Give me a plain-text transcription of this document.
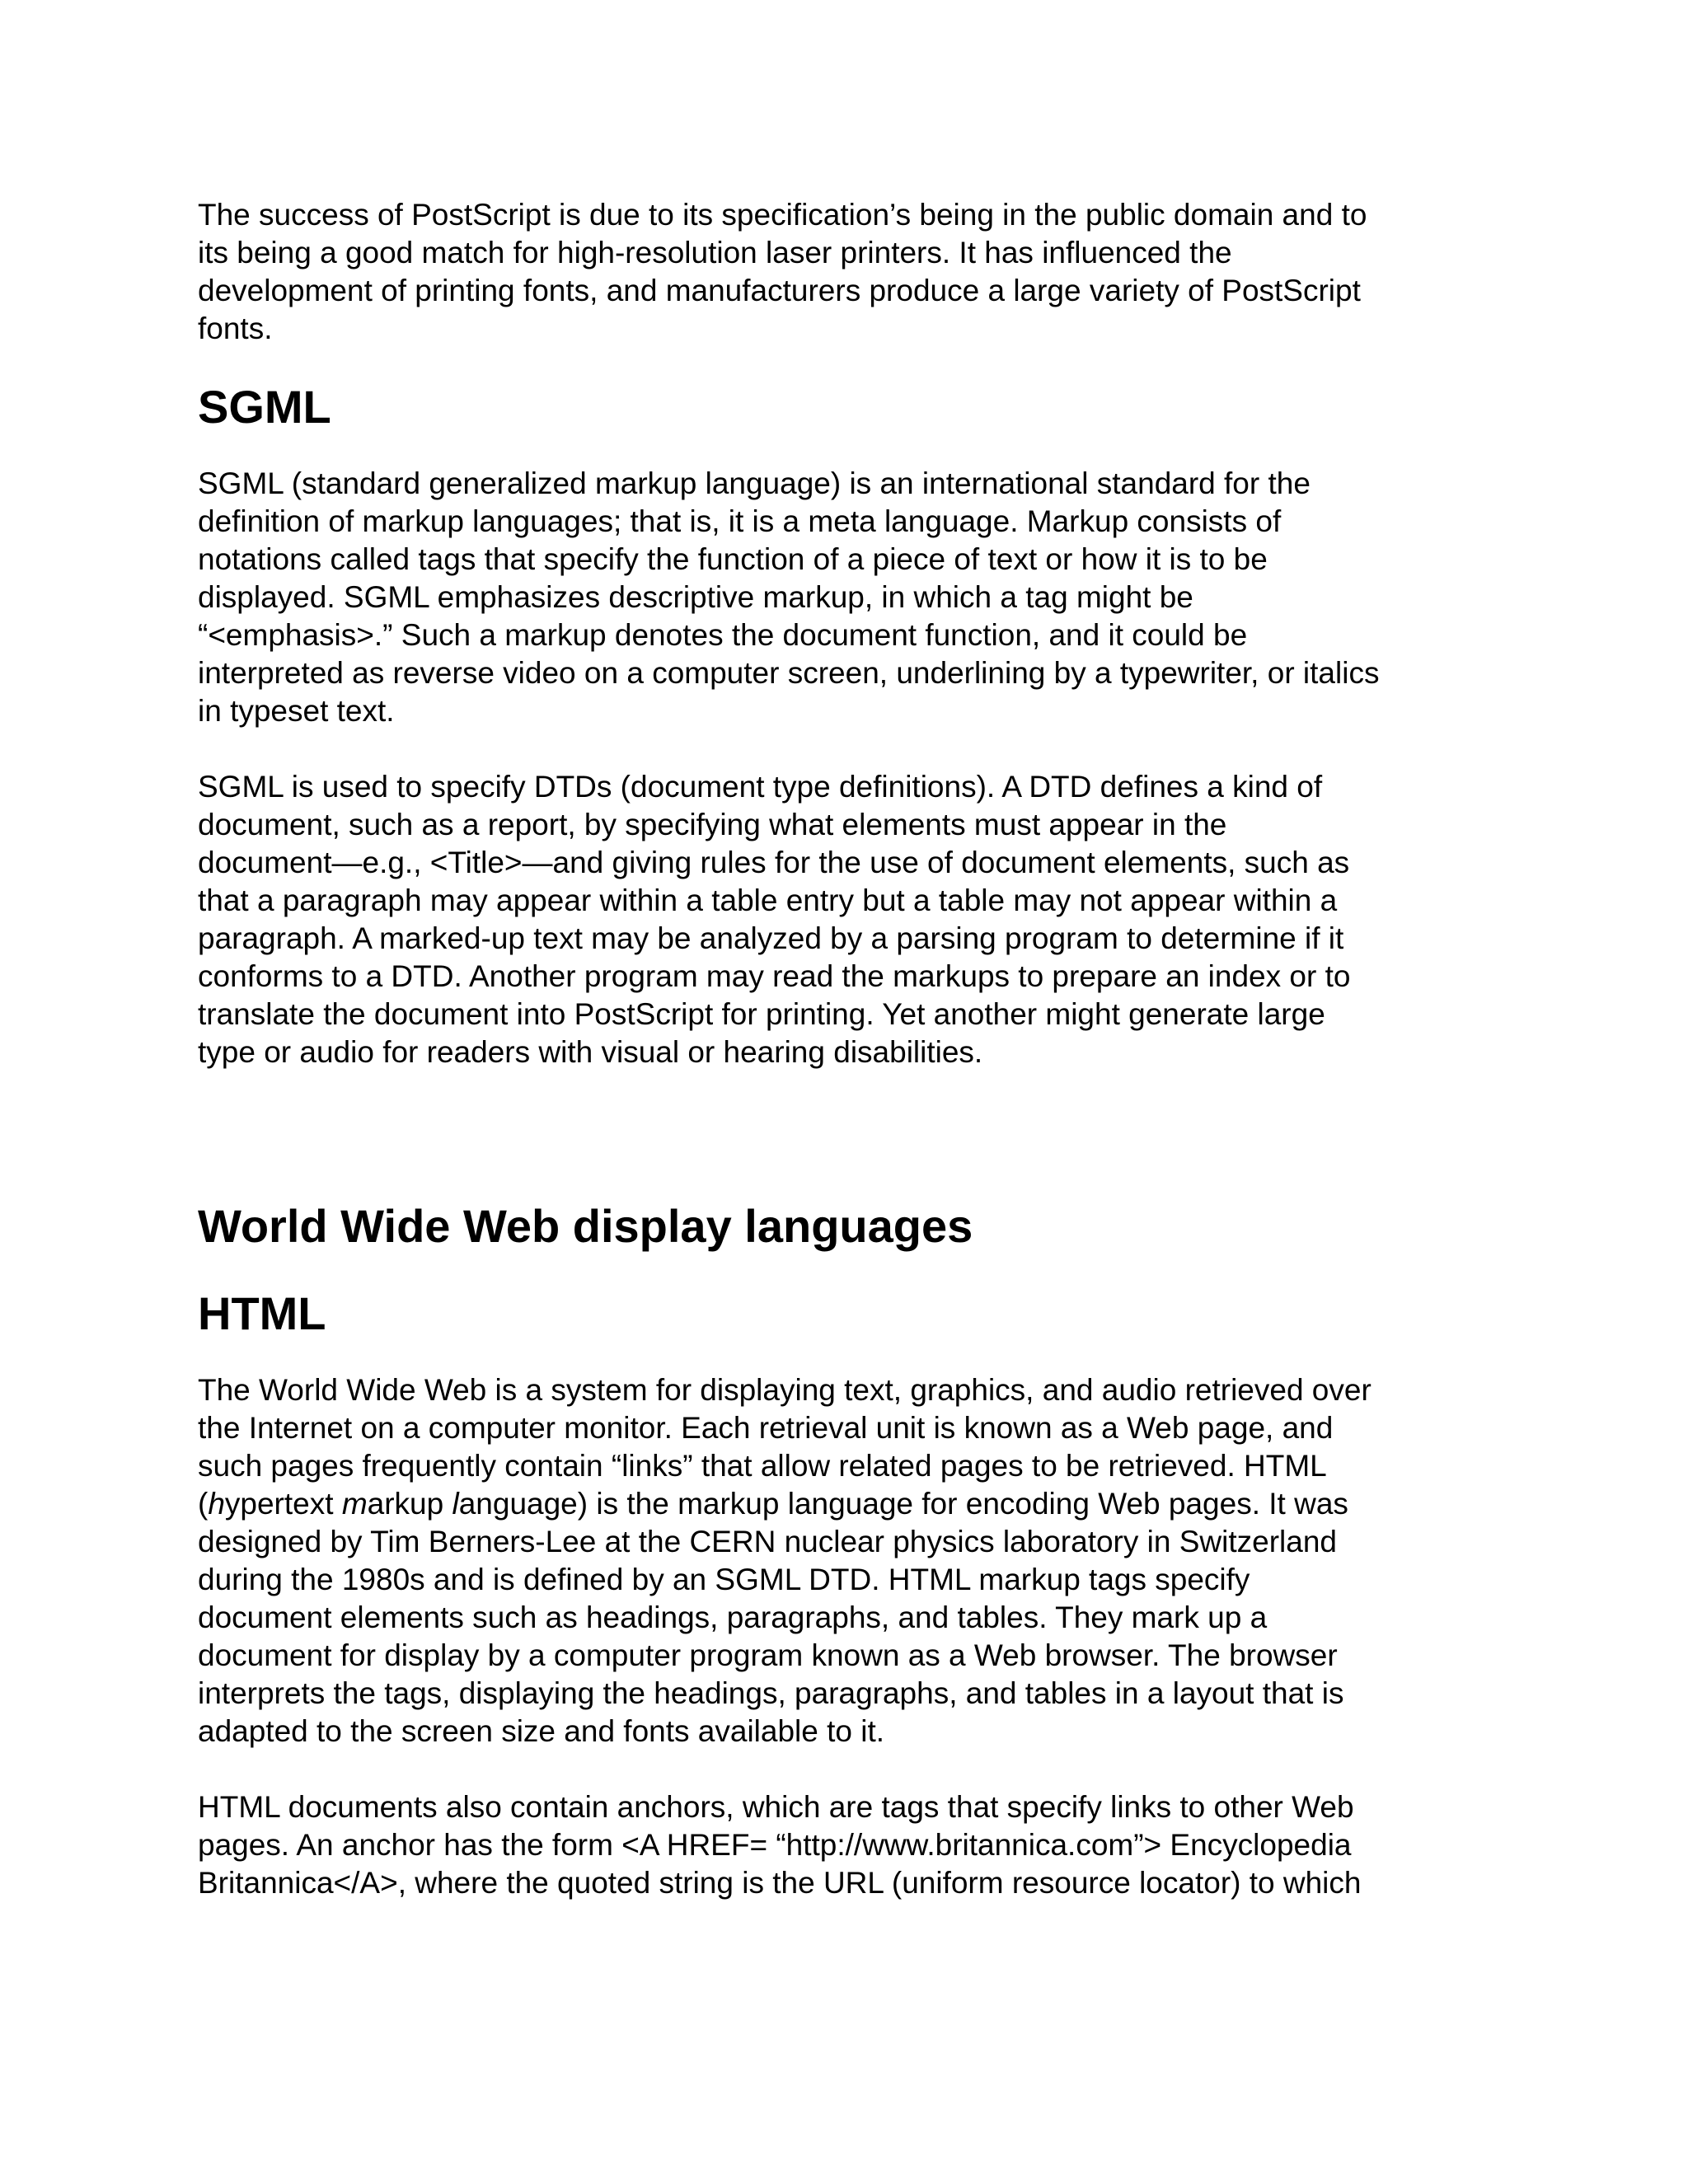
The success of PostScript is due to its specification’s being in the public domain and to
its being a good match for high-resolution laser printers. It has influenced the
development of printing fonts, and manufacturers produce a large variety of PostScript
fonts.

SGML

SGML (standard generalized markup language) is an international standard for the
definition of markup languages; that is, it is a meta language. Markup consists of
notations called tags that specify the function of a piece of text or how it is to be
displayed. SGML emphasizes descriptive markup, in which a tag might be
“<emphasis>.” Such a markup denotes the document function, and it could be
interpreted as reverse video on a computer screen, underlining by a typewriter, or italics
in typeset text.

SGML is used to specify DTDs (document type definitions). A DTD defines a kind of
document, such as a report, by specifying what elements must appear in the
document—e.g., <Title>—and giving rules for the use of document elements, such as
that a paragraph may appear within a table entry but a table may not appear within a
paragraph. A marked-up text may be analyzed by a parsing program to determine if it
conforms to a DTD. Another program may read the markups to prepare an index or to
translate the document into PostScript for printing. Yet another might generate large
type or audio for readers with visual or hearing disabilities.

World Wide Web display languages
HTML

The World Wide Web is a system for displaying text, graphics, and audio retrieved over
the Internet on a computer monitor. Each retrieval unit is known as a Web page, and
such pages frequently contain “links” that allow related pages to be retrieved. HTML
(hypertext markup language) is the markup language for encoding Web pages. It was
designed by Tim Berners-Lee at the CERN nuclear physics laboratory in Switzerland
during the 1980s and is defined by an SGML DTD. HTML markup tags specify
document elements such as headings, paragraphs, and tables. They mark up a
document for display by a computer program known as a Web browser. The browser
interprets the tags, displaying the headings, paragraphs, and tables in a layout that is
adapted to the screen size and fonts available to it.

HTML documents also contain anchors, which are tags that specify links to other Web
pages. An anchor has the form <A HREF= “http://www.britannica.com”> Encyclopedia
Britannica</A>, where the quoted string is the URL (uniform resource locator) to which
